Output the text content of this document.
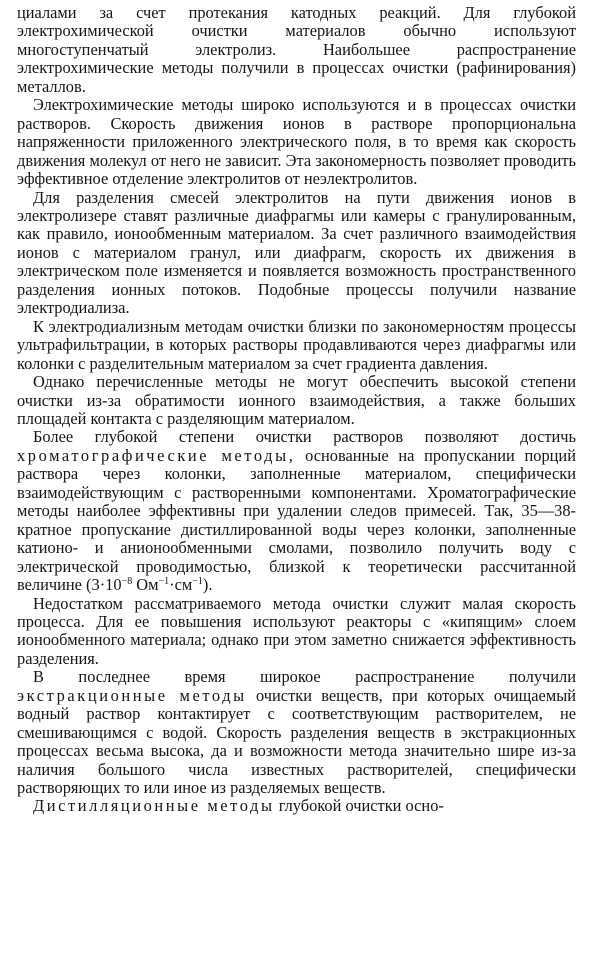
циалами за счет протекания катодных реакций. Для глубокой электрохимической очистки материалов обычно используют многоступенчатый электролиз. Наибольшее распространение электрохимические методы получили в процессах очистки (рафинирования) металлов.

Электрохимические методы широко используются и в процессах очистки растворов. Скорость движения ионов в растворе пропорциональна напряженности приложенного электрического поля, в то время как скорость движения молекул от него не зависит. Эта закономерность позволяет проводить эффективное отделение электролитов от неэлектролитов.

Для разделения смесей электролитов на пути движения ионов в электролизере ставят различные диафрагмы или камеры с гранулированным, как правило, ионообменным материалом. За счет различного взаимодействия ионов с материалом гранул, или диафрагм, скорость их движения в электрическом поле изменяется и появляется возможность пространственного разделения ионных потоков. Подобные процессы получили название электродиализа.

К электродиализным методам очистки близки по закономерностям процессы ультрафильтрации, в которых растворы продавливаются через диафрагмы или колонки с разделительным материалом за счет градиента давления.

Однако перечисленные методы не могут обеспечить высокой степени очистки из-за обратимости ионного взаимодействия, а также больших площадей контакта с разделяющим материалом.

Более глубокой степени очистки растворов позволяют достичь хроматографические методы, основанные на пропускании порций раствора через колонки, заполненные материалом, специфически взаимодействующим с растворенными компонентами. Хроматографические методы наиболее эффективны при удалении следов примесей. Так, 35—38-кратное пропускание дистиллированной воды через колонки, заполненные катионо- и анионообменными смолами, позволило получить воду с электрической проводимостью, близкой к теоретически рассчитанной величине ($3\cdot 10^{-8}$ $Ом^{-1}\cdot см^{-1}$).

Недостатком рассматриваемого метода очистки служит малая скорость процесса. Для ее повышения используют реакторы с «кипящим» слоем ионообменного материала; однако при этом заметно снижается эффективность разделения.

В последнее время широкое распространение получили экстракционные методы очистки веществ, при которых очищаемый водный раствор контактирует с соответствующим растворителем, не смешивающимся с водой. Скорость разделения веществ в экстракционных процессах весьма высока, да и возможности метода значительно шире из-за наличия большого числа известных растворителей, специфически растворяющих то или иное из разделяемых веществ.

Дистилляционные методы глубокой очистки осно-
